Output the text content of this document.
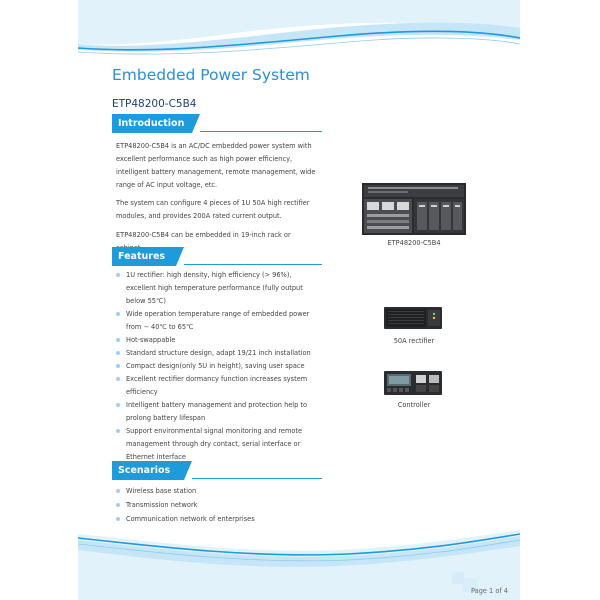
Embedded Power System
ETP48200-C5B4
Introduction
ETP48200-C5B4 is an AC/DC embedded power system with excellent performance such as high power efficiency, intelligent battery management, remote management, wide range of AC input voltage, etc.
The system can configure 4 pieces of 1U 50A high rectifier modules, and provides 200A rated current output.
ETP48200-C5B4 can be embedded in 19-inch rack or
Features
1U rectifier: high density, high efficiency (> 96%), excellent high temperature performance (fully output below 55℃)
Wide operation temperature range of embedded power from − 40℃ to 65℃
Hot-swappable
Standard structure design, adapt 19/21 inch installation
Compact design(only 5U in height), saving user space
Excellent rectifier dormancy function increases system efficiency
Intelligent battery management and protection help to prolong battery lifespan
Support environmental signal monitoring and remote management through dry contact, serial interface or Ethernet interface
Scenarios
Wireless base station
Transmission network
Communication network of enterprises
ETP48200-C5B4
50A rectifier
Controller
Page 1 of 4
